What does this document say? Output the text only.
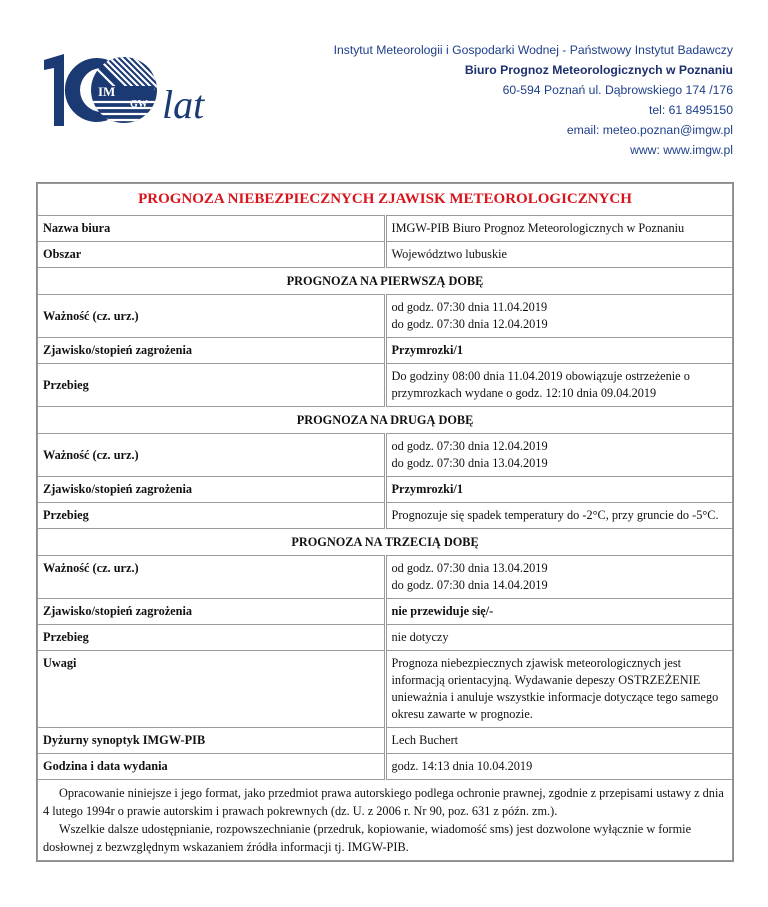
IM
GW lat
Instytut Meteorologii i Gospodarki Wodnej - Państwowy Instytut Badawczy
Biuro Prognoz Meteorologicznych w Poznaniu
60-594 Poznań ul. Dąbrowskiego 174 /176
tel: 61 8495150
email: meteo.poznan@imgw.pl
www: www.imgw.pl
PROGNOZA NIEBEZPIECZNYCH ZJAWISK METEOROLOGICZNYCH	
Nazwa biura	IMGW-PIB Biuro Prognoz Meteorologicznych w Poznaniu
Obszar	Województwo lubuskie
PROGNOZA NA PIERWSZĄ DOBĘ	
Ważność (cz. urz.)	od godz. 07:30 dnia 11.04.2019
do godz. 07:30 dnia 12.04.2019

Zjawisko/stopień zagrożenia	Przymrozki/1
Przebieg	Do godziny 08:00 dnia 11.04.2019 obowiązuje ostrzeżenie o przymrozkach wydane o godz. 12:10 dnia 09.04.2019
PROGNOZA NA DRUGĄ DOBĘ	
Ważność (cz. urz.)	od godz. 07:30 dnia 12.04.2019
do godz. 07:30 dnia 13.04.2019

Zjawisko/stopień zagrożenia	Przymrozki/1
Przebieg	Prognozuje się spadek temperatury do -2°C, przy gruncie do -5°C.
PROGNOZA NA TRZECIĄ DOBĘ	
Ważność (cz. urz.)	od godz. 07:30 dnia 13.04.2019
do godz. 07:30 dnia 14.04.2019

Zjawisko/stopień zagrożenia	nie przewiduje się/-
Przebieg	nie dotyczy
Uwagi	Prognoza niebezpiecznych zjawisk meteorologicznych jest informacją orientacyjną. Wydawanie depeszy OSTRZEŻENIE unieważnia i anuluje wszystkie informacje dotyczące tego samego okresu zawarte w prognozie.
Dyżurny synoptyk IMGW-PIB	Lech Buchert
Godzina i data wydania	godz. 14:13 dnia 10.04.2019

Opracowanie niniejsze i jego format, jako przedmiot prawa autorskiego podlega ochronie prawnej, zgodnie z przepisami ustawy z dnia 4 lutego 1994r o prawie autorskim i prawach pokrewnych (dz. U. z 2006 r. Nr 90, poz. 631 z późn. zm.).

Wszelkie dalsze udostępnianie, rozpowszechnianie (przedruk, kopiowanie, wiadomość sms) jest dozwolone wyłącznie w formie dosłownej z bezwzględnym wskazaniem źródła informacji tj. IMGW-PIB.	
